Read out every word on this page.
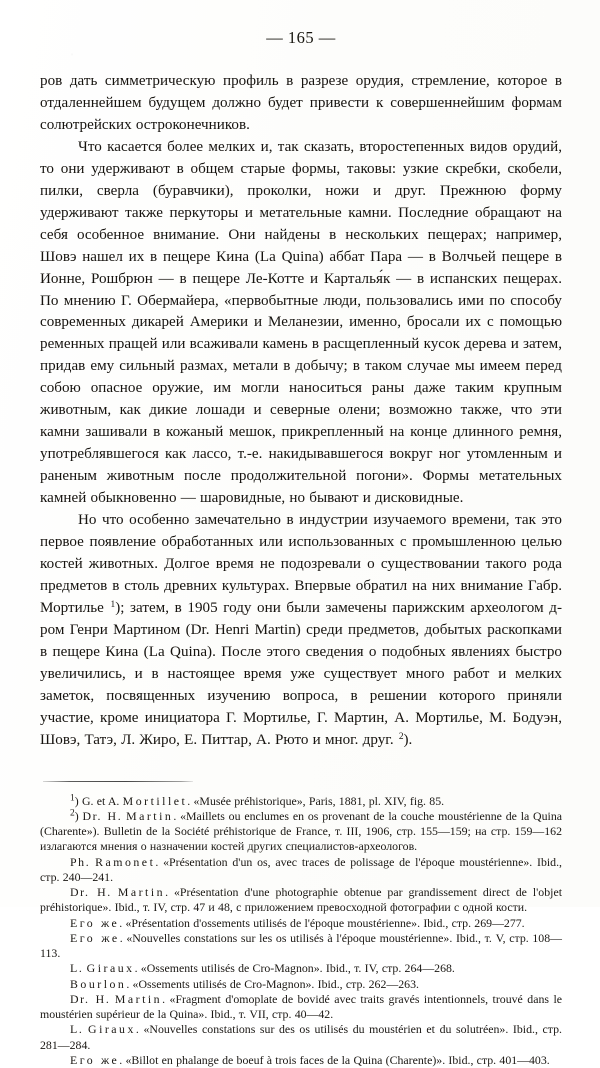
— 165 —

ров дать симметрическую профиль в разрезе орудия, стремление, которое в отдаленнейшем будущем должно будет привести к совершеннейшим формам солютрейских остроконечников.

Что касается более мелких и, так сказать, второстепенных видов орудий, то они удерживают в общем старые формы, таковы: узкие скребки, скобели, пилки, сверла (буравчики), проколки, ножи и друг. Прежнюю форму удерживают также перкуторы и метательные камни. Последние обращают на себя особенное внимание. Они найдены в нескольких пещерах; например, Шовэ нашел их в пещере Кина (La Quina) аббат Пара — в Волчьей пещере в Ионне, Рошбрюн — в пещере Ле-Котте и Карталья́к — в испанских пещерах. По мнению Г. Обермайера, «первобытные люди, пользовались ими по способу современных дикарей Америки и Меланезии, именно, бросали их с помощью ременных пращей или всаживали камень в расщепленный кусок дерева и затем, придав ему сильный размах, метали в добычу; в таком случае мы имеем перед собою опасное оружие, им могли наноситься раны даже таким крупным животным, как дикие лошади и северные олени; возможно также, что эти камни зашивали в кожаный мешок, прикрепленный на конце длинного ремня, употреблявшегося как лассо, т.-е. накидывавшегося вокруг ног утомленным и раненым животным после продолжительной погони». Формы метательных камней обыкновенно — шаровидные, но бывают и дисковидные.

Но что особенно замечательно в индустрии изучаемого времени, так это первое появление обработанных или использованных с промышленною целью костей животных. Долгое время не подозревали о существовании такого рода предметов в столь древних культурах. Впервые обратил на них внимание Габр. Мортилье $^1$); затем, в 1905 году они были замечены парижским археологом д-ром Генри Мартином (Dr. Henri Martin) среди предметов, добытых раскопками в пещере Кина (La Quina). После этого сведения о подобных явлениях быстро увеличились, и в настоящее время уже существует много работ и мелких заметок, посвященных изучению вопроса, в решении которого приняли участие, кроме инициатора Г. Мортилье, Г. Мартин, А. Мортилье, М. Бодуэн, Шовэ, Татэ, Л. Жиро, Е. Питтар, А. Рюто и мног. друг. $^2$).

$^1$) G. et A. Mortillet. «Musée préhistorique», Paris, 1881, pl. XIV, fig. 85.

$^2$) Dr. H. Martin. «Maillets ou enclumes en os provenant de la couche moustérienne de la Quina (Charente»). Bulletin de la Société préhistorique de France, т. III, 1906, стр. 155—159; на стр. 159—162 излагаются мнения о назначении костей других специалистов-археологов.

Ph. Ramonet. «Présentation d'un os, avec traces de polissage de l'époque moustérienne». Ibid., стр. 240—241.

Dr. H. Martin. «Présentation d'une photographie obtenue par grandissement direct de l'objet préhistorique». Ibid., т. IV, стр. 47 и 48, с приложением превосходной фотографии с одной кости.

Его же. «Présentation d'ossements utilisés de l'époque moustérienne». Ibid., стр. 269—277.

Его же. «Nouvelles constations sur les os utilisés à l'époque moustérienne». Ibid., т. V, стр. 108—113.

L. Giraux. «Ossements utilisés de Cro-Magnon». Ibid., т. IV, стр. 264—268.

Bourlon. «Ossements utilisés de Cro-Magnon». Ibid., стр. 262—263.

Dr. H. Martin. «Fragment d'omoplate de bovidé avec traits gravés intentionnels, trouvé dans le moustérien supérieur de la Quina». Ibid., т. VII, стр. 40—42.

L. Giraux. «Nouvelles constations sur des os utilisés du moustérien et du solutréen». Ibid., стр. 281—284.

Его же. «Billot en phalange de boeuf à trois faces de la Quina (Charente)». Ibid., стр. 401—403.
